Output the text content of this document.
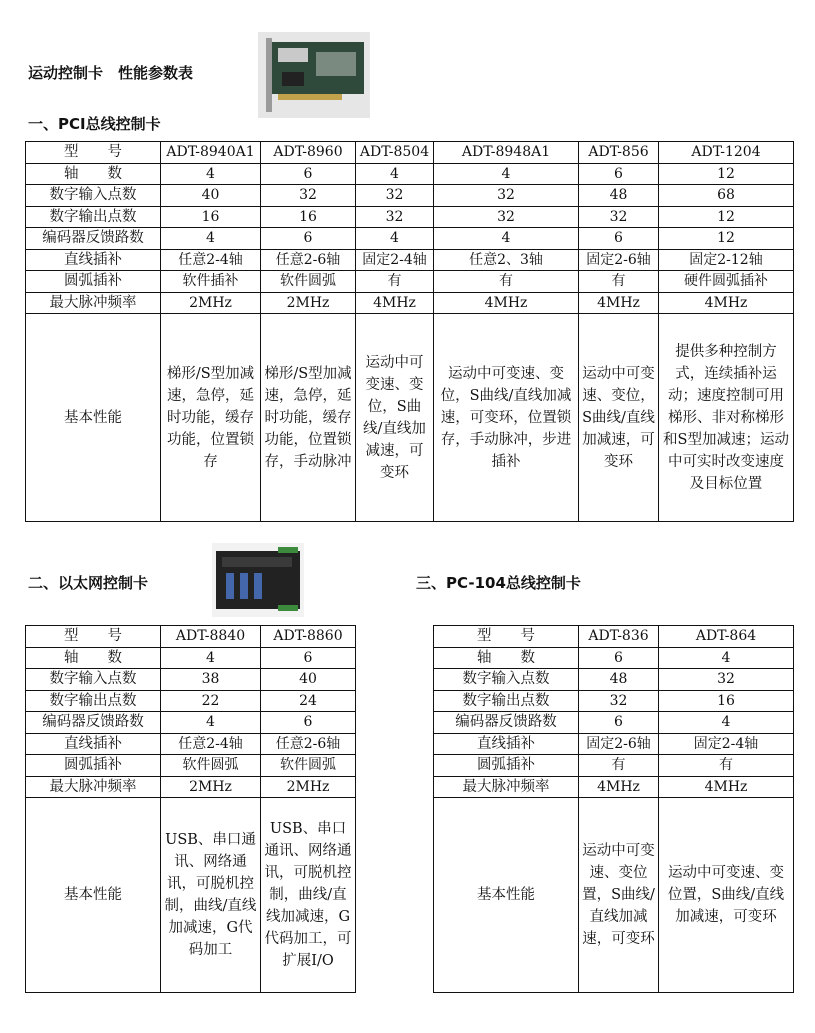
运动控制卡　性能参数表
一、PCI总线控制卡
型　　号	ADT-8940A1	ADT-8960	ADT-8504	ADT-8948A1	ADT-856	ADT-1204
轴　　数	4	6	4	4	6	12
数字输入点数	40	32	32	32	48	68
数字输出点数	16	16	32	32	32	12
编码器反馈路数	4	6	4	4	6	12
直线插补	任意2-4轴	任意2-6轴	固定2-4轴	任意2、3轴	固定2-6轴	固定2-12轴
圆弧插补	软件插补	软件圆弧	有	有	有	硬件圆弧插补
最大脉冲频率	2MHz	2MHz	4MHz	4MHz	4MHz	4MHz
基本性能	梯形/S型加减速，急停，延时功能，缓存功能，位置锁存	梯形/S型加减速，急停，延时功能，缓存功能，位置锁存，手动脉冲	运动中可变速、变位，S曲线/直线加减速，可变环	运动中可变速、变位，S曲线/直线加减速，可变环，位置锁存，手动脉冲，步进插补	运动中可变速、变位，S曲线/直线加减速，可变环	提供多种控制方式，连续插补运动；速度控制可用梯形、非对称梯形和S型加减速；运动中可实时改变速度及目标位置
二、以太网控制卡	三、PC-104总线控制卡
型　　号	ADT-8840	ADT-8860
轴　　数	4	6
数字输入点数	38	40
数字输出点数	22	24
编码器反馈路数	4	6
直线插补	任意2-4轴	任意2-6轴
圆弧插补	软件圆弧	软件圆弧
最大脉冲频率	2MHz	2MHz
基本性能	USB、串口通讯、网络通讯，可脱机控制，曲线/直线加减速，G代码加工	USB、串口通讯、网络通讯，可脱机控制，曲线/直线加减速，G代码加工，可扩展I/O
型　　号	ADT-836	ADT-864
轴　　数	6	4
数字输入点数	48	32
数字输出点数	32	16
编码器反馈路数	6	4
直线插补	固定2-6轴	固定2-4轴
圆弧插补	有	有
最大脉冲频率	4MHz	4MHz
基本性能	运动中可变速、变位置，S曲线/直线加减速，可变环	运动中可变速、变位置，S曲线/直线加减速，可变环
